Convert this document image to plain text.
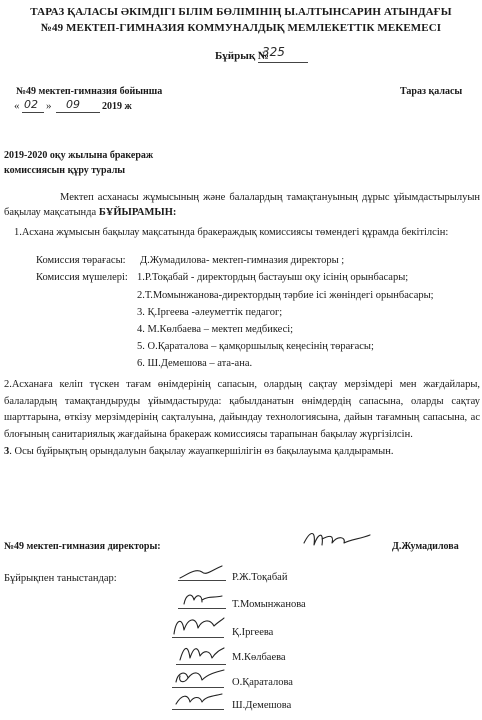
ТАРАЗ ҚАЛАСЫ ӘКІМДІГІ БІЛІМ БӨЛІМІНІҢ Ы.АЛТЫНСАРИН АТЫНДАҒЫ
№49 МЕКТЕП-ГИМНАЗИЯ КОММУНАЛДЫҚ МЕМЛЕКЕТТІК МЕКЕМЕСІ
Бұйрық №
325
№49 мектеп-гимназия бойынша	Тараз қаласы
« 02 » 09 2019 ж
2019-2020 оқу жылына бракераж
комиссиясын құру туралы
Мектеп асханасы жұмысының және балалардың тамақтануының дұрыс ұйымдастырылуын бақылау мақсатында БҰЙЫРАМЫН:
1.Асхана жұмысын бақылау мақсатында бракераждық комиссиясы төмендегі құрамда бекітілсін:
Комиссия төрағасы: Д.Жумадилова- мектеп-гимназия директоры ;
Комиссия мүшелері: 1.Р.Тоқабай - директордың бастауыш оқу ісінің орынбасары;
2.Т.Момынжанова-директордың тәрбие ісі жөніндегі орынбасары;
3. Қ.Іргеева -әлеуметтік педагог;
4. М.Көлбаева – мектеп медбикесі;
5. О.Қараталова – қамқоршылық кеңесінің төрағасы;
6. Ш.Демешова – ата-ана.
2.Асханаға келіп түскен тағам өнімдерінің сапасын, олардың сақтау мерзімдері мен жағдайлары, балалардың тамақтандыруды ұйымдастыруда: қабылданатын өнімдердің сапасына, оларды сақтау шарттарына, өткізу мерзімдерінің сақталуына, дайындау технологиясына, дайын тағамның сапасына, ас блоғының санитариялық жағдайына бракераж комиссиясы тарапынан бақылау жүргізілсін.
3. Осы бұйрықтың орындалуын бақылау жауапкершілігін өз бақылауыма қалдырамын.
№49 мектеп-гимназия директоры:	Д.Жумадилова
Бұйрықпен таныстандар:	Р.Ж.Тоқабай
Т.Момынжанова
Қ.Іргеева
М.Көлбаева
О.Қараталова
Ш.Демешова
